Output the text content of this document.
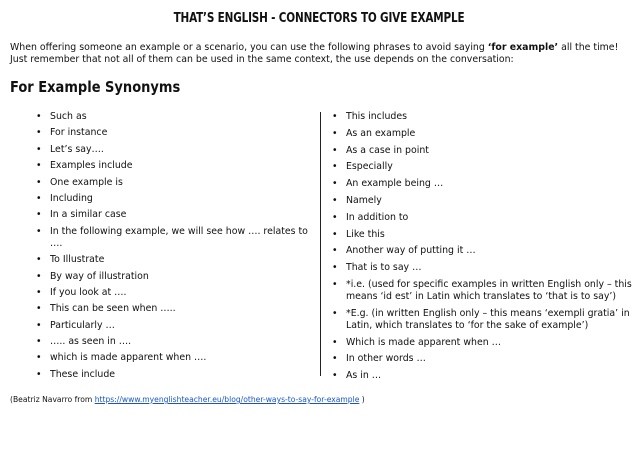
THAT’S ENGLISH - CONNECTORS TO GIVE EXAMPLE
When offering someone an example or a scenario, you can use the following phrases to avoid saying ‘for example’ all the time! Just remember that not all of them can be used in the same context, the use depends on the conversation:
For Example Synonyms
• Such as
• For instance
• Let’s say….
• Examples include
• One example is
• Including
• In a similar case
• In the following example, we will see how …. relates to ….
• To Illustrate
• By way of illustration
• If you look at ….
• This can be seen when …..
• Particularly …
• ….. as seen in ….
• which is made apparent when ….
• These include
• This includes
• As an example
• As a case in point
• Especially
• An example being …
• Namely
• In addition to
• Like this
• Another way of putting it …
• That is to say …
• *i.e. (used for specific examples in written English only – this means ‘id est’ in Latin which translates to ‘that is to say’)
• *E.g. (in written English only – this means ‘exempli gratia’ in Latin, which translates to ‘for the sake of example’)
• Which is made apparent when …
• In other words …
• As in …
(Beatriz Navarro from https://www.myenglishteacher.eu/blog/other-ways-to-say-for-example )
